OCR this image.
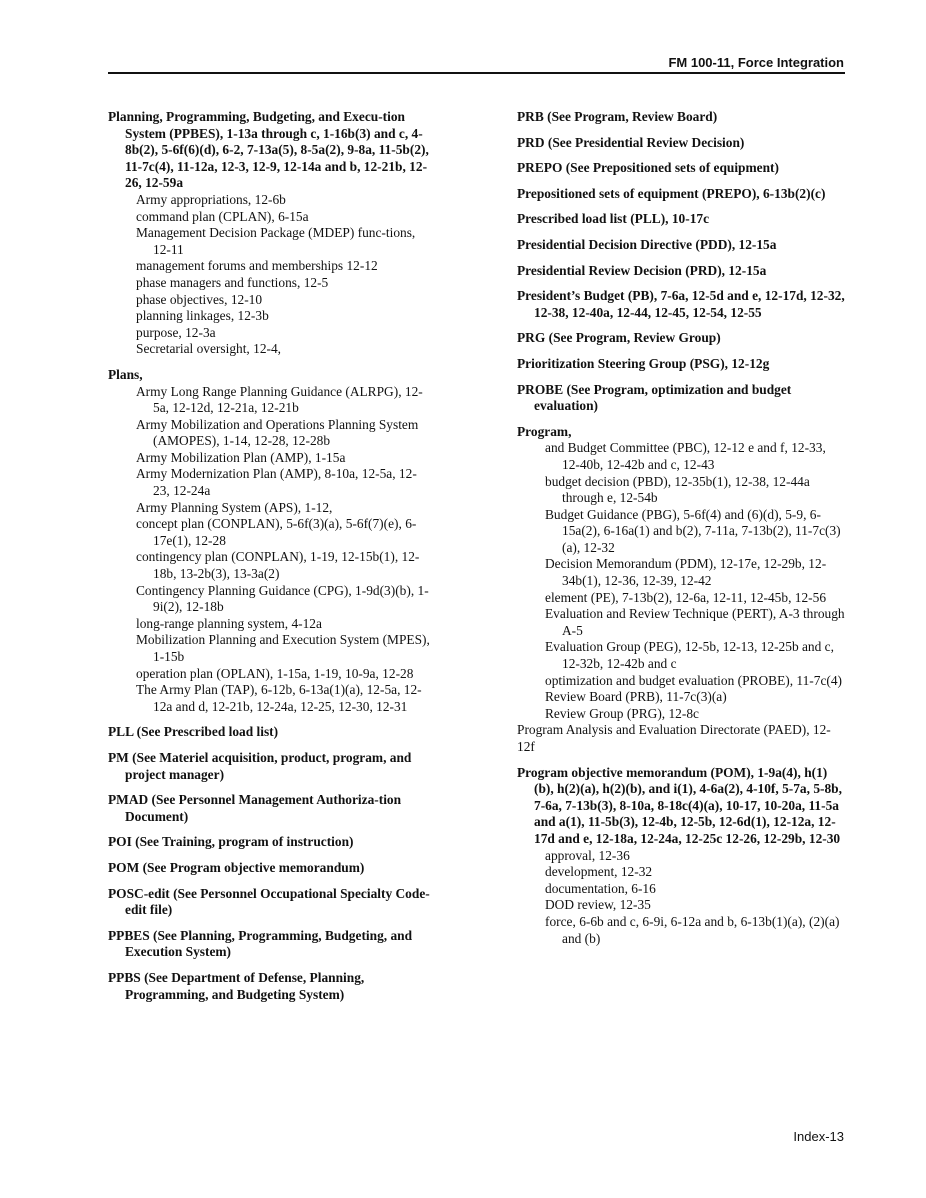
FM 100-11, Force Integration
Planning, Programming, Budgeting, and Execu-tion System (PPBES), 1-13a through c, 1-16b(3) and c, 4-8b(2), 5-6f(6)(d), 6-2, 7-13a(5), 8-5a(2), 9-8a, 11-5b(2), 11-7c(4), 11-12a, 12-3, 12-9, 12-14a and b, 12-21b, 12-26, 12-59a
Army appropriations, 12-6b
command plan (CPLAN), 6-15a
Management Decision Package (MDEP) func-tions, 12-11
management forums and memberships 12-12
phase managers and functions, 12-5
phase objectives, 12-10
planning linkages, 12-3b
purpose, 12-3a
Secretarial oversight, 12-4,
Plans,
Army Long Range Planning Guidance (ALRPG), 12-5a, 12-12d, 12-21a, 12-21b
Army Mobilization and Operations Planning System (AMOPES), 1-14, 12-28, 12-28b
Army Mobilization Plan (AMP), 1-15a
Army Modernization Plan (AMP), 8-10a, 12-5a, 12-23, 12-24a
Army Planning System (APS), 1-12,
concept plan (CONPLAN), 5-6f(3)(a), 5-6f(7)(e), 6-17e(1), 12-28
contingency plan (CONPLAN), 1-19, 12-15b(1), 12-18b, 13-2b(3), 13-3a(2)
Contingency Planning Guidance (CPG), 1-9d(3)(b), 1-9i(2), 12-18b
long-range planning system, 4-12a
Mobilization Planning and Execution System (MPES), 1-15b
operation plan (OPLAN), 1-15a, 1-19, 10-9a, 12-28
The Army Plan (TAP), 6-12b, 6-13a(1)(a), 12-5a, 12-12a and d, 12-21b, 12-24a, 12-25, 12-30, 12-31
PLL (See Prescribed load list)
PM (See Materiel acquisition, product, program, and project manager)
PMAD (See Personnel Management Authoriza-tion Document)
POI (See Training, program of instruction)
POM (See Program objective memorandum)
POSC-edit (See Personnel Occupational Specialty Code-edit file)
PPBES (See Planning, Programming, Budgeting, and Execution System)
PPBS (See Department of Defense, Planning, Programming, and Budgeting System)
PRB (See Program, Review Board)
PRD (See Presidential Review Decision)
PREPO (See Prepositioned sets of equipment)
Prepositioned sets of equipment (PREPO), 6-13b(2)(c)
Prescribed load list (PLL), 10-17c
Presidential Decision Directive (PDD), 12-15a
Presidential Review Decision (PRD), 12-15a
President’s Budget (PB), 7-6a, 12-5d and e, 12-17d, 12-32, 12-38, 12-40a, 12-44, 12-45, 12-54, 12-55
PRG (See Program, Review Group)
Prioritization Steering Group (PSG), 12-12g
PROBE (See Program, optimization and budget evaluation)
Program,
and Budget Committee (PBC), 12-12 e and f, 12-33, 12-40b, 12-42b and c, 12-43
budget decision (PBD), 12-35b(1), 12-38, 12-44a through e, 12-54b
Budget Guidance (PBG), 5-6f(4) and (6)(d), 5-9, 6-15a(2), 6-16a(1) and b(2), 7-11a, 7-13b(2), 11-7c(3)(a), 12-32
Decision Memorandum (PDM), 12-17e, 12-29b, 12-34b(1), 12-36, 12-39, 12-42
element (PE), 7-13b(2), 12-6a, 12-11, 12-45b, 12-56
Evaluation and Review Technique (PERT), A-3 through A-5
Evaluation Group (PEG), 12-5b, 12-13, 12-25b and c, 12-32b, 12-42b and c
optimization and budget evaluation (PROBE), 11-7c(4)
Review Board (PRB), 11-7c(3)(a)
Review Group (PRG), 12-8c
Program Analysis and Evaluation Directorate (PAED), 12-12f
Program objective memorandum (POM), 1-9a(4), h(1)(b), h(2)(a), h(2)(b), and i(1), 4-6a(2), 4-10f, 5-7a, 5-8b, 7-6a, 7-13b(3), 8-10a, 8-18c(4)(a), 10-17, 10-20a, 11-5a and a(1), 11-5b(3), 12-4b, 12-5b, 12-6d(1), 12-12a, 12-17d and e, 12-18a, 12-24a, 12-25c 12-26, 12-29b, 12-30
approval, 12-36
development, 12-32
documentation, 6-16
DOD review, 12-35
force, 6-6b and c, 6-9i, 6-12a and b, 6-13b(1)(a), (2)(a) and (b)
Index-13
